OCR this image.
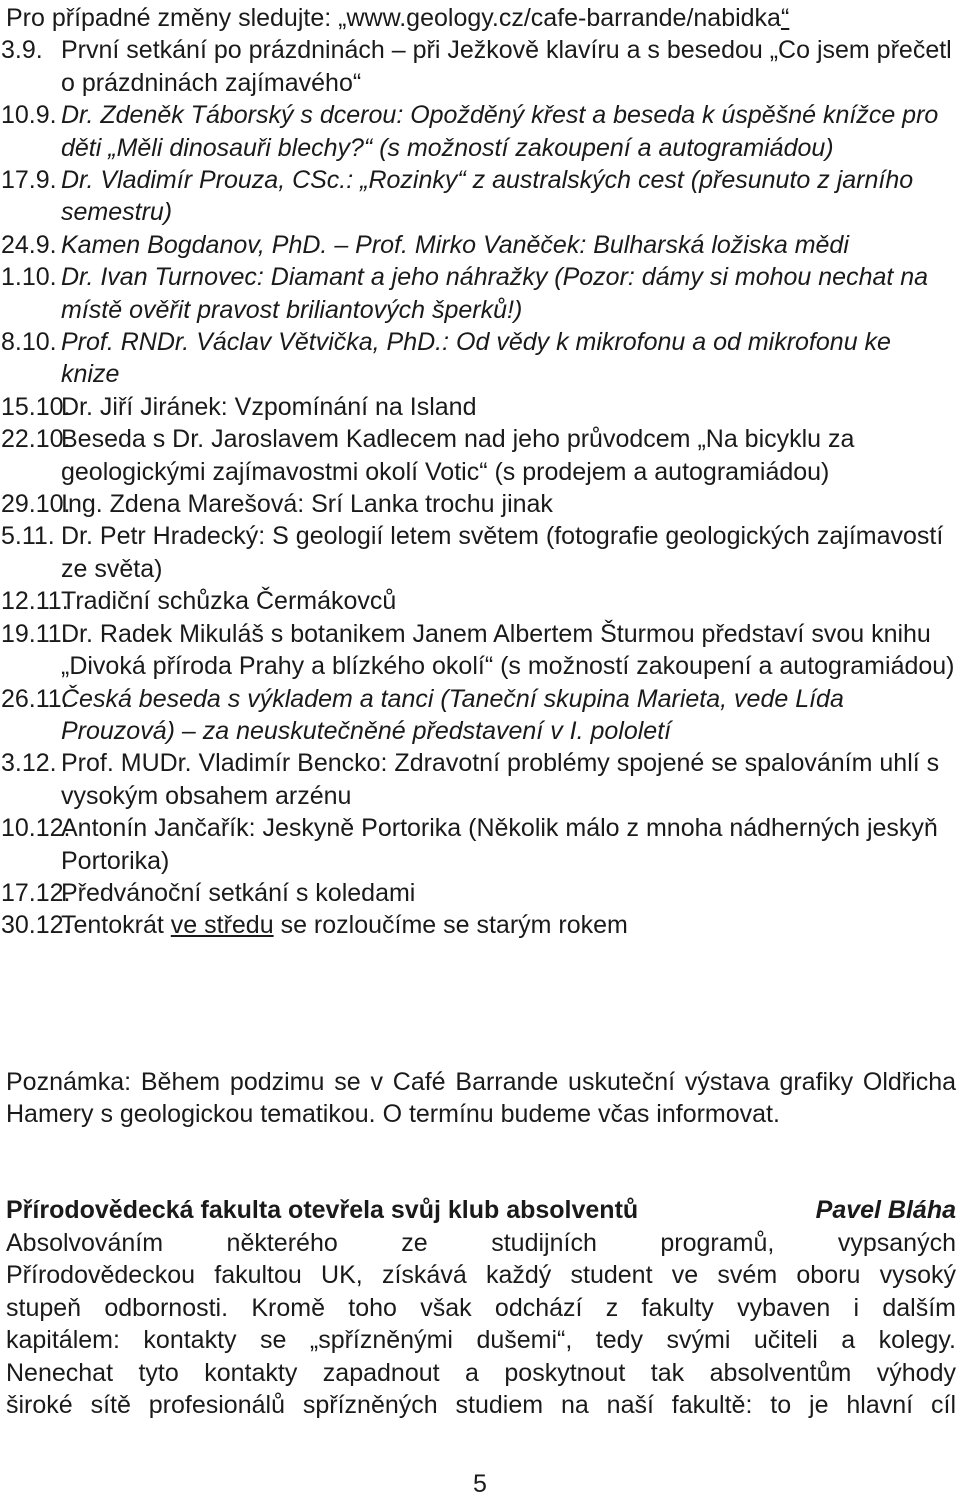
Pro případné změny sledujte: „www.geology.cz/cafe-barrande/nabidka“
3.9. První setkání po prázdninách – při Ježkově klavíru a s besedou „Co jsem přečetl o prázdninách zajímavého“
10.9. Dr. Zdeněk Táborský s dcerou: Opožděný křest a beseda k úspěšné knížce pro děti „Měli dinosauři blechy?“ (s možností zakoupení a autogramiádou)
17.9. Dr. Vladimír Prouza, CSc.: „Rozinky“ z australských cest (přesunuto z jarního semestru)
24.9. Kamen Bogdanov, PhD. – Prof. Mirko Vaněček: Bulharská ložiska mědi
1.10. Dr. Ivan Turnovec: Diamant a jeho náhražky (Pozor: dámy si mohou nechat na místě ověřit pravost briliantových šperků!)
8.10. Prof. RNDr. Václav Větvička, PhD.: Od vědy k mikrofonu a od mikrofonu ke knize
15.10.
Dr. Jiří Jiránek: Vzpomínání na Island
22.10.
Beseda s Dr. Jaroslavem Kadlecem nad jeho průvodcem „Na bicyklu za geologickými zajímavostmi okolí Votic“ (s prodejem a autogramiádou)
29.10.
Ing. Zdena Marešová: Srí Lanka trochu jinak
5.11. Dr. Petr Hradecký: S geologií letem světem (fotografie geologických zajímavostí ze světa)
12.11.
Tradiční schůzka Čermákovců
19.11.
Dr. Radek Mikuláš s botanikem Janem Albertem Šturmou představí svou knihu „Divoká příroda Prahy a blízkého okolí“ (s možností zakoupení a autogramiádou)
26.11.
Česká beseda s výkladem a tanci (Taneční skupina Marieta, vede Lída Prouzová) – za neuskutečněné představení v I. pololetí
3.12. Prof. MUDr. Vladimír Bencko: Zdravotní problémy spojené se spalováním uhlí s vysokým obsahem arzénu
10.12.
Antonín Jančařík: Jeskyně Portorika (Několik málo z mnoha nádherných jeskyň Portorika)
17.12.
Předvánoční setkání s koledami
30.12.
Tentokrát ve středu se rozloučíme se starým rokem
Poznámka: Během podzimu se v Café Barrande uskuteční výstava grafiky Oldřicha Hamery s geologickou tematikou. O termínu budeme včas informovat.
Přírodovědecká fakulta otevřela svůj klub absolventů	Pavel Bláha

Absolvováním některého ze studijních programů, vypsaných

Přírodovědeckou fakultou UK, získává každý student ve svém oboru vysoký

stupeň odbornosti. Kromě toho však odchází z fakulty vybaven i dalším

kapitálem: kontakty se „spřízněnými dušemi“, tedy svými učiteli a kolegy.

Nenechat tyto kontakty zapadnout a poskytnout tak absolventům výhody

široké sítě profesionálů spřízněných studiem na naší fakultě: to je hlavní cíl

5
